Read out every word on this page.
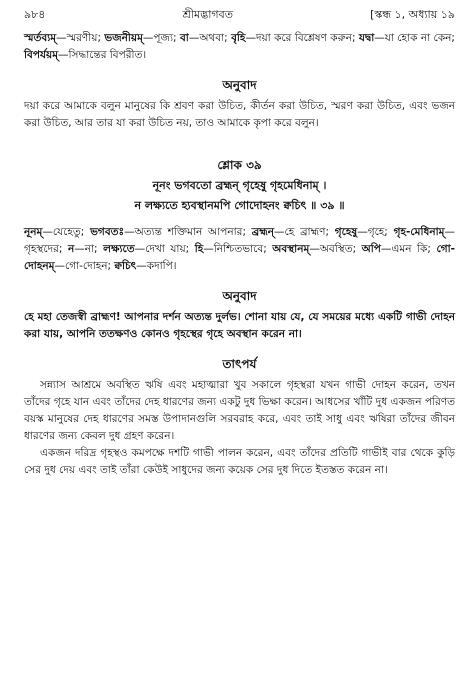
৯৮৪	শ্রীমদ্ভাগবত	[স্কন্ধ ১, অধ্যায় ১৯

স্মর্তব্যম্—স্মরণীয়; ভজনীয়ম্—পূজ্য; বা—অথবা; বৃহি—দয়া করে বিশ্লেষণ করুন; যদ্বা—যা হোক না কেন; বিপর্যয়ম্—সিদ্ধান্তের বিপরীত।

অনুবাদ

দয়া করে আমাকে বলুন মানুষের কি শ্রবণ করা উচিত, কীর্তন করা উচিত, স্মরণ করা উচিত, এবং ভজন করা উচিত, আর তার যা করা উচিত নয়, তাও আমাকে কৃপা করে বলুন।

শ্লোক ৩৯
নূনং ভগবতো ব্রহ্মন্ গৃহেষু গৃহমেধিনাম্ ।
ন লক্ষ্যতে হ্যবস্থানমপি গোদোহনং ক্বচিৎ ॥ ৩৯ ॥

নূনম্—যেহেতু; ভগবতঃ—অত্যন্ত শক্তিমান আপনার; ব্রহ্মন্—হে ব্রাহ্মণ; গৃহেষু—গৃহে; গৃহ-মেধিনাম্—গৃহস্থদের; ন—না; লক্ষ্যতে—দেখা যায়; হি—নিশ্চিতভাবে; অবস্থানম্—অবস্থিত; অপি—এমন কি; গো-দোহনম্—গো-দোহন; ক্বচিৎ—কদাপি।

অনুবাদ

হে মহা তেজস্বী ব্রাহ্মণ! আপনার দর্শন অত্যন্ত দুর্লভ। শোনা যায় যে, যে সময়ের মধ্যে একটি গাভী দোহন করা যায়, আপনি ততক্ষণও কোনও গৃহস্থের গৃহে অবস্থান করেন না।

তাৎপর্য

সন্ন্যাস আশ্রমে অবস্থিত ঋষি এবং মহাত্মারা খুব সকালে গৃহস্থরা যখন গাভী দোহন করেন, তখন তাঁদের গৃহে যান এবং তাঁদের দেহ ধারণের জন্য একটু দুধ ভিক্ষা করেন। আধসের খাঁটি দুধ একজন পরিণত বয়স্ক মানুষের দেহ ধারণের সমস্ত উপাদানগুলি সরবরাহ করে, এবং তাই সাধু এবং ঋষিরা তাঁদের জীবন ধারণের জন্য কেবল দুধ গ্রহণ করেন।

একজন দরিদ্র গৃহস্থও কমপক্ষে দশটি গাভী পালন করেন, এবং তাঁদের প্রতিটি গাভীই বার থেকে কুড়ি সের দুধ দেয় এবং তাই তাঁরা কেউই সাধুদের জন্য কয়েক সের দুধ দিতে ইতস্তত করেন না।
